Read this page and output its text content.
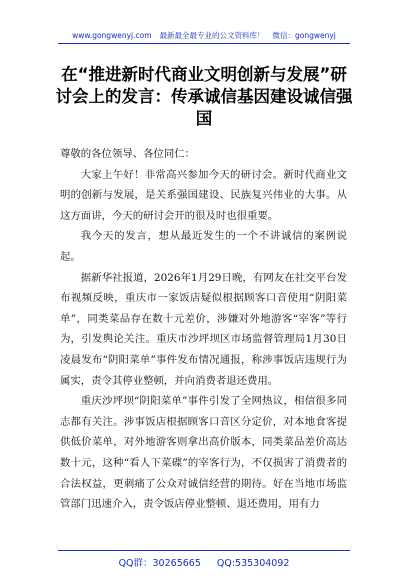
www.gongwenyj.com 最新最全最专业的公文资料库！ 微信：gongwenyj
在“推进新时代商业文明创新与发展”研讨会上的发言：传承诚信基因建设诚信强国

尊敬的各位领导、各位同仁：

大家上午好！非常高兴参加今天的研讨会。新时代商业文明的创新与发展，是关系强国建设、民族复兴伟业的大事。从这方面讲，今天的研讨会开的很及时也很重要。

我今天的发言，想从最近发生的一个不讲诚信的案例说起。

据新华社报道，2026年1月29日晚，有网友在社交平台发布视频反映，重庆市一家饭店疑似根据顾客口音使用“阴阳菜单”，同类菜品存在数十元差价，涉嫌对外地游客“宰客”等行为，引发舆论关注。重庆市沙坪坝区市场监督管理局1月30日凌晨发布“阴阳菜单”事件发布情况通报，称涉事饭店违规行为属实，责令其停业整顿，并向消费者退还费用。

重庆沙坪坝“阴阳菜单”事件引发了全网热议，相信很多同志都有关注。涉事饭店根据顾客口音区分定价，对本地食客提供低价菜单，对外地游客则拿出高价版本，同类菜品差价高达数十元，这种“看人下菜碟”的宰客行为，不仅损害了消费者的合法权益，更刺痛了公众对诚信经营的期待。好在当地市场监管部门迅速介入，责令饭店停业整顿、退还费用，用有力

QQ群：30265665 QQ:535304092
